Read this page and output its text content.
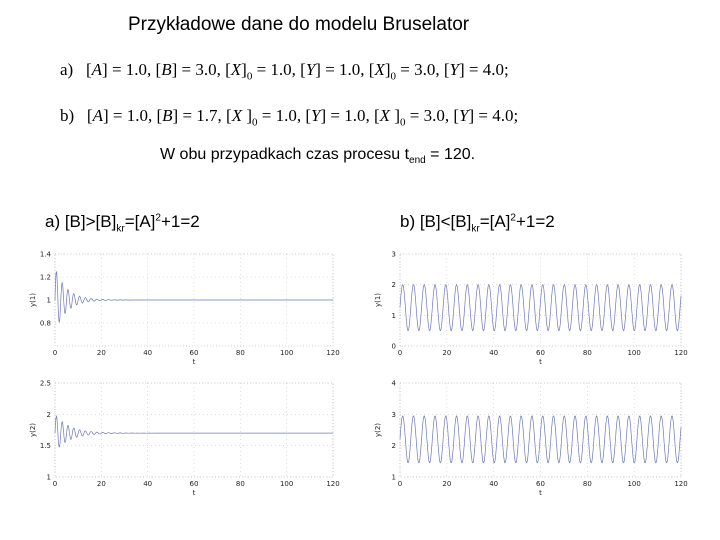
Przykładowe dane do modelu Bruselator
a) [A] = 1.0, [B] = 3.0, $[X]_0 = 1.0$, [Y] = 1.0, $[X]_0 = 3.0$, [Y] = 4.0;
b) [A] = 1.0, [B] = 1.7, [X ]$_0 = 1.0$, [Y] = 1.0, [X ]$_0 = 3.0$, [Y] = 4.0;
W obu przypadkach czas procesu $t_{end} = 120$.
a) $[B]>[B]_{kr}=[A]^2+1=2$	b) $[B]<[B]_{kr}=[A]^2+1=2$
0	20	40	60	80	100	120
1.4
1.2
1
0.8
t
y(1)
0	20	40	60	80	100	120
3
2
1
0
t
y(1)
0	20	40	60	80	100	120
2.5
2
1.5
1
t
y(2)
0	20	40	60	80	100	120
4
3
2
1
t
y(2)
